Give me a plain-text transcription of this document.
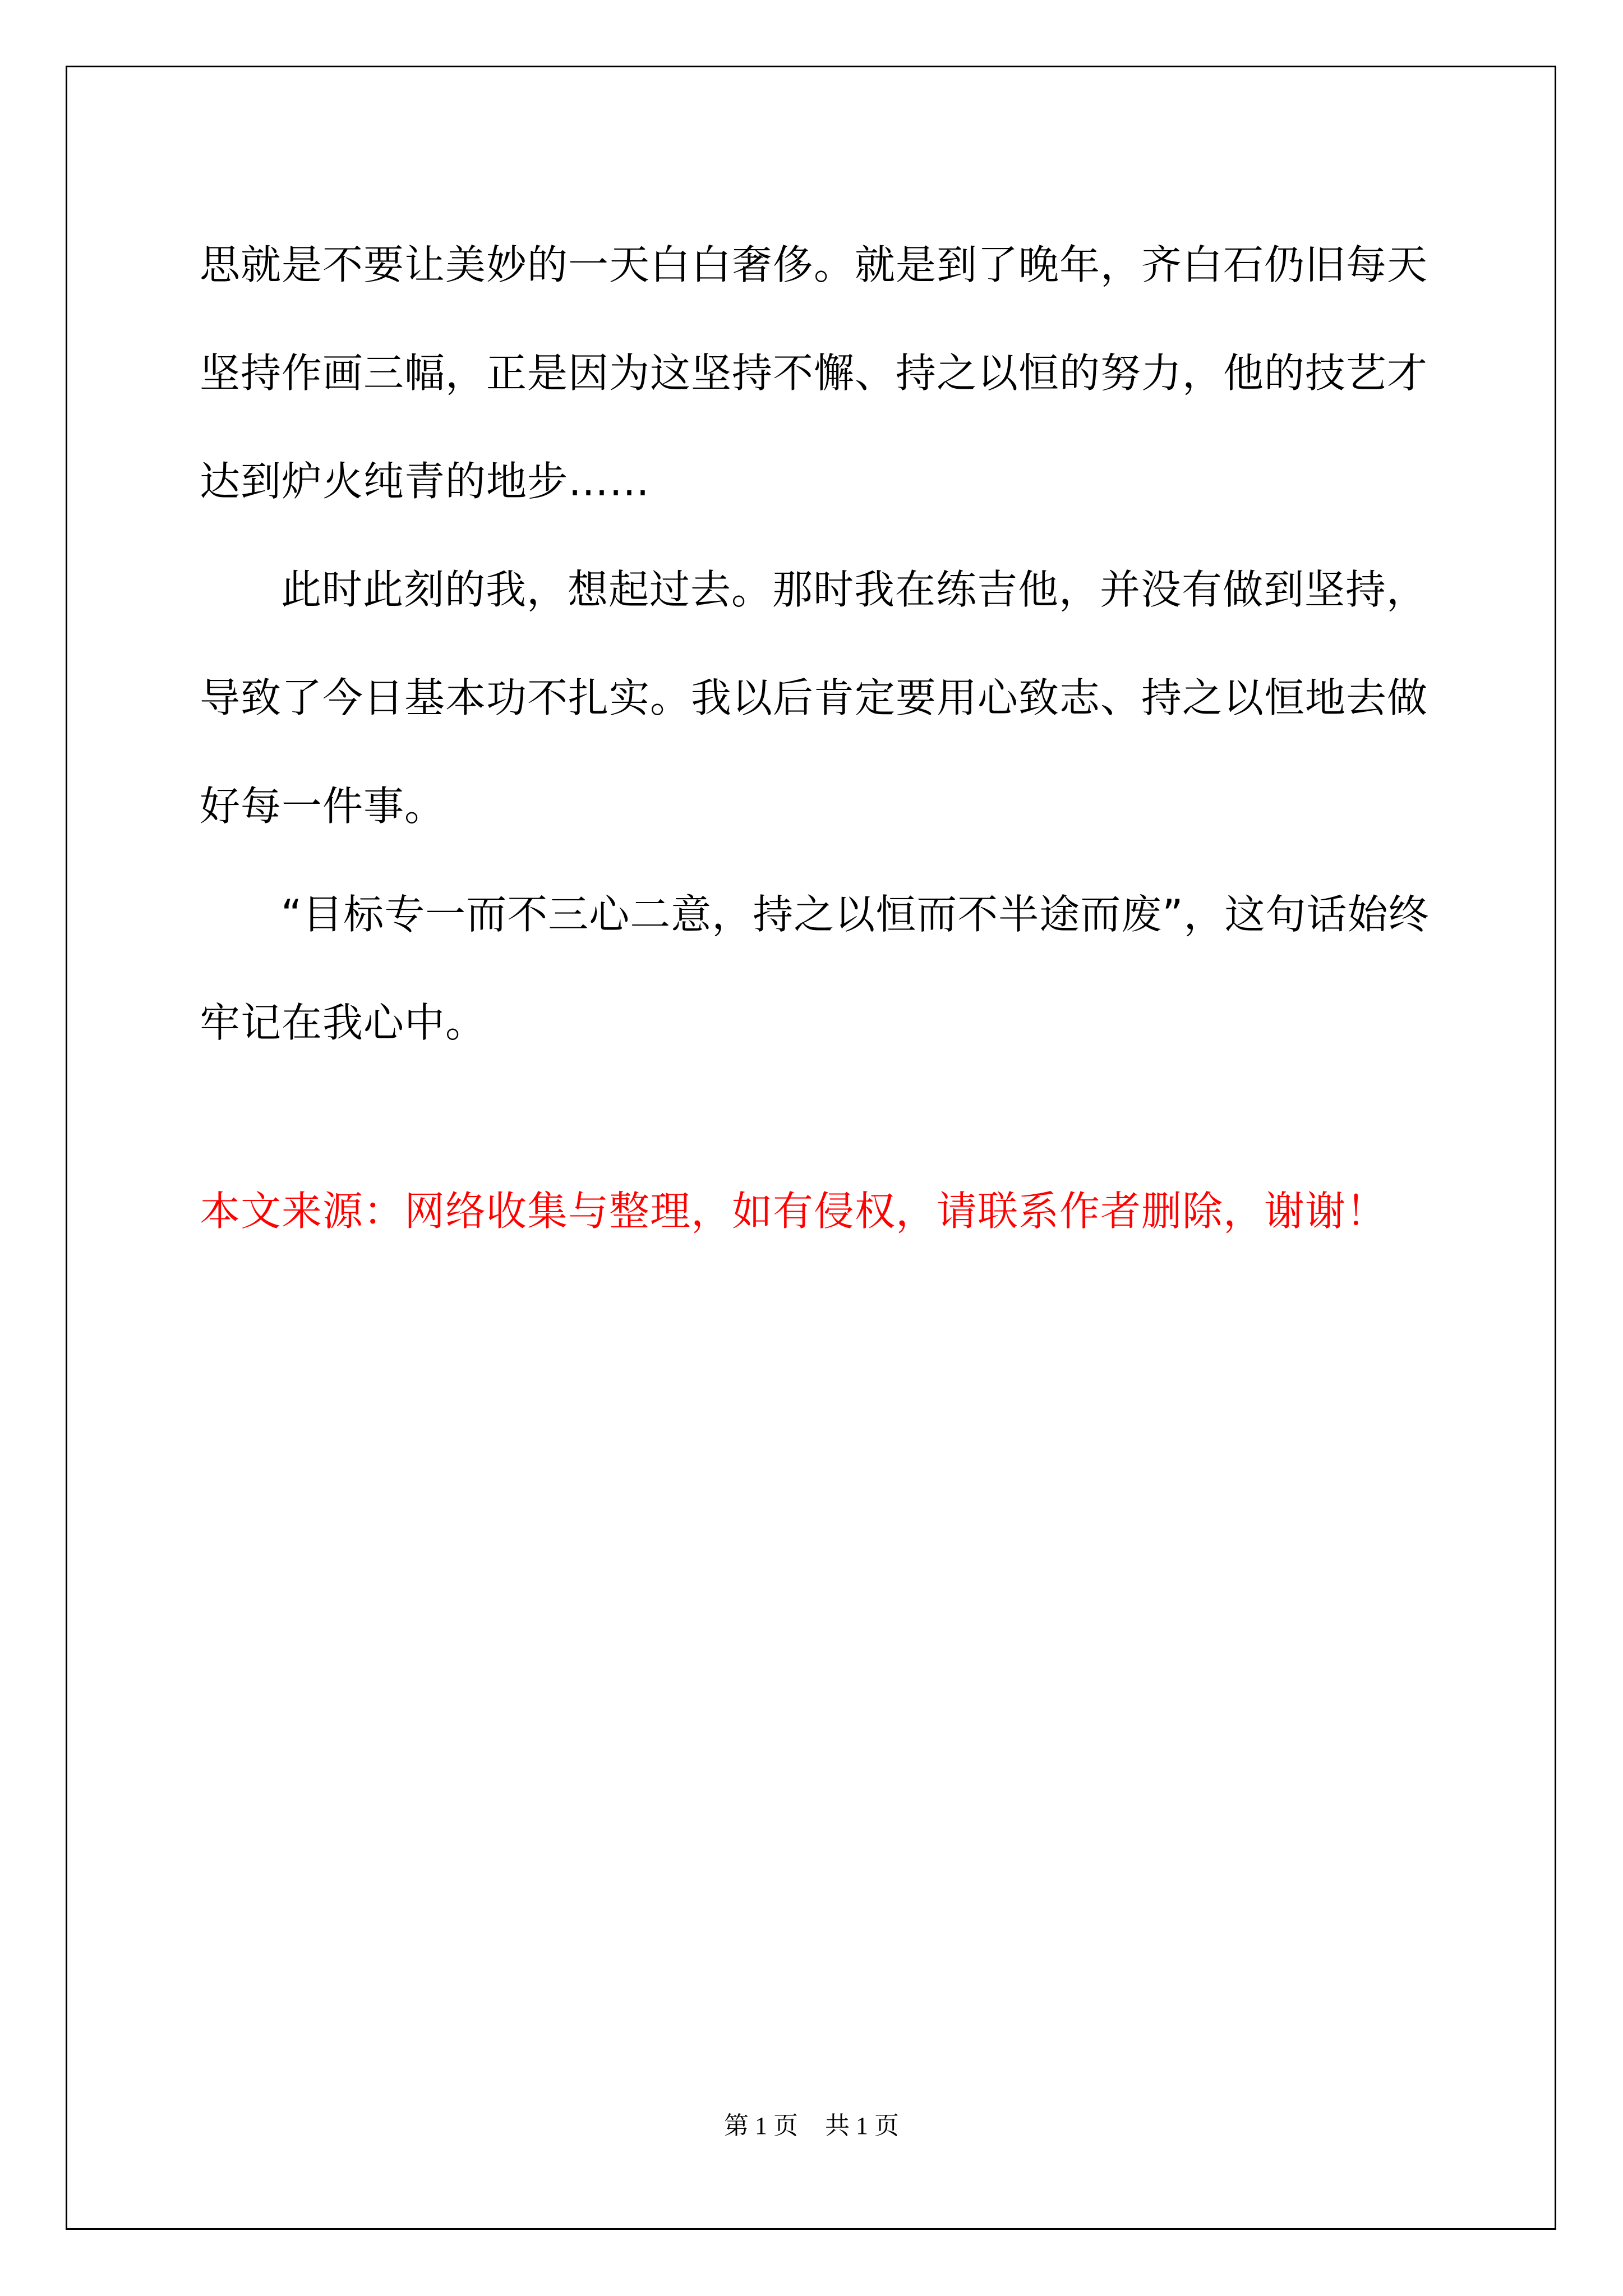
思就是不要让美妙的一天白白奢侈。就是到了晚年，齐白石仍旧每天
坚持作画三幅，正是因为这坚持不懈、持之以恒的努力，他的技艺才
达到炉火纯青的地步……
此时此刻的我，想起过去。那时我在练吉他，并没有做到坚持，
导致了今日基本功不扎实。我以后肯定要用心致志、持之以恒地去做
好每一件事。
“目标专一而不三心二意，持之以恒而不半途而废”，这句话始终
牢记在我心中。
本文来源：网络收集与整理，如有侵权，请联系作者删除，谢谢！
第 1 页 共 1 页
